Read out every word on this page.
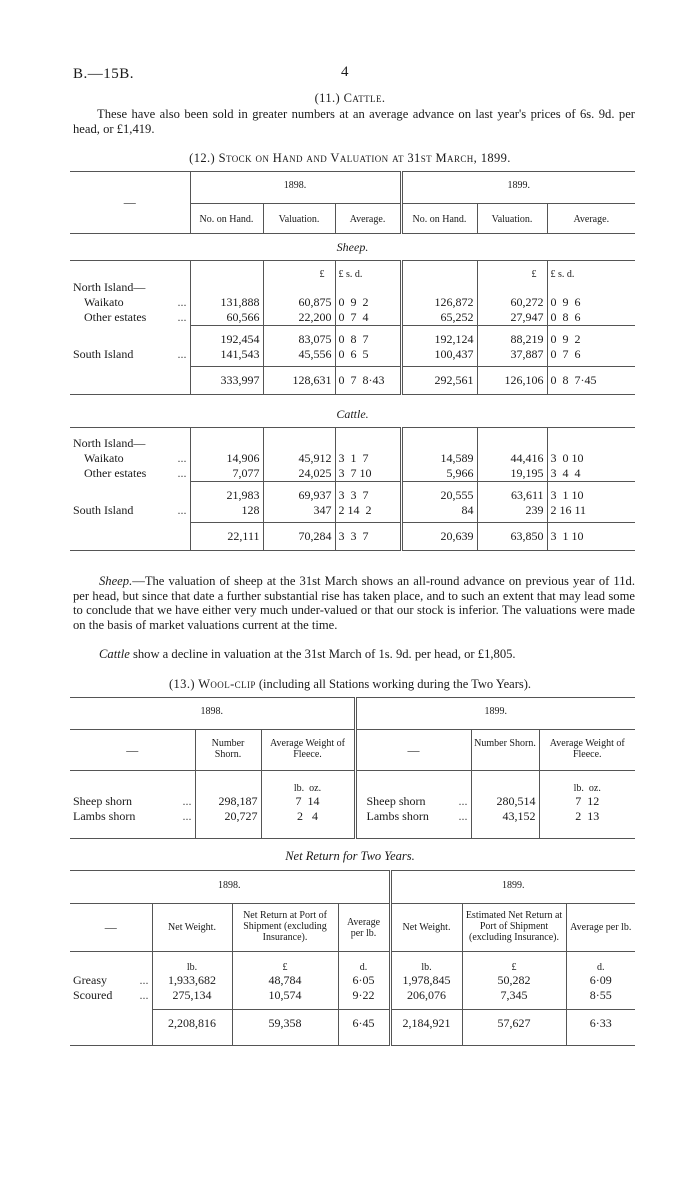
B.—15B.	4
(11.) Cattle.
These have also been sold in greater numbers at an average advance on last year's prices of 6s. 9d. per head, or £1,419.
(12.) Stock on Hand and Valuation at 31st March, 1899.
—	1898.			1899.		
	No. on Hand.	Valuation.	Average.	No. on Hand.	Valuation.	Average.
Sheep.						
		£	£ s. d.		£	£ s. d.
North Island—						
Waikato ...	131,888	60,875	0  9  2	126,872	60,272	0  9  6
Other estates ...	60,566	22,200	0  7  4	65,252	27,947	0  8  6
	192,454	83,075	0  8  7	192,124	88,219	0  9  2
South Island ...	141,543	45,556	0  6  5	100,437	37,887	0  7  6
	333,997	128,631	0  7  8·43	292,561	126,106	0  8  7·45
Cattle.						
North Island—						
Waikato ...	14,906	45,912	3  1  7	14,589	44,416	3  0 10
Other estates ...	7,077	24,025	3  7 10	5,966	19,195	3  4  4
	21,983	69,937	3  3  7	20,555	63,611	3  1 10
South Island ...	128	347	2 14  2	84	239	2 16 11
	22,111	70,284	3  3  7	20,639	63,850	3  1 10
Sheep.—The valuation of sheep at the 31st March shows an all-round advance on previous year of 11d. per head, but since that date a further substantial rise has taken place, and to such an extent that may lead some to conclude that we have either very much under-valued or that our stock is inferior. The valuations were made on the basis of market valuations current at the time.
Cattle show a decline in valuation at the 31st March of 1s. 9d. per head, or £1,805.
(13.) Wool-clip (including all Stations working during the Two Years).
1898.			1899.		
—	Number Shorn.	Average Weight of Fleece.	—	Number Shorn.	Average Weight of Fleece.
		lb.  oz.			lb.  oz.
Sheep shorn ...	298,187	7  14	Sheep shorn ...	280,514	7  12
Lambs shorn ...	20,727	2   4	Lambs shorn ...	43,152	2  13
Net Return for Two Years.
1898.				1899.		
—	Net Weight.	Net Return at Port of Shipment (excluding Insurance).	Average per lb.	Net Weight.	Estimated Net Return at Port of Shipment (excluding Insurance).	Average per lb.
	lb.	£	d.	lb.	£	d.
Greasy ...	1,933,682	48,784	6·05	1,978,845	50,282	6·09
Scoured ...	275,134	10,574	9·22	206,076	7,345	8·55
	2,208,816	59,358	6·45	2,184,921	57,627	6·33
